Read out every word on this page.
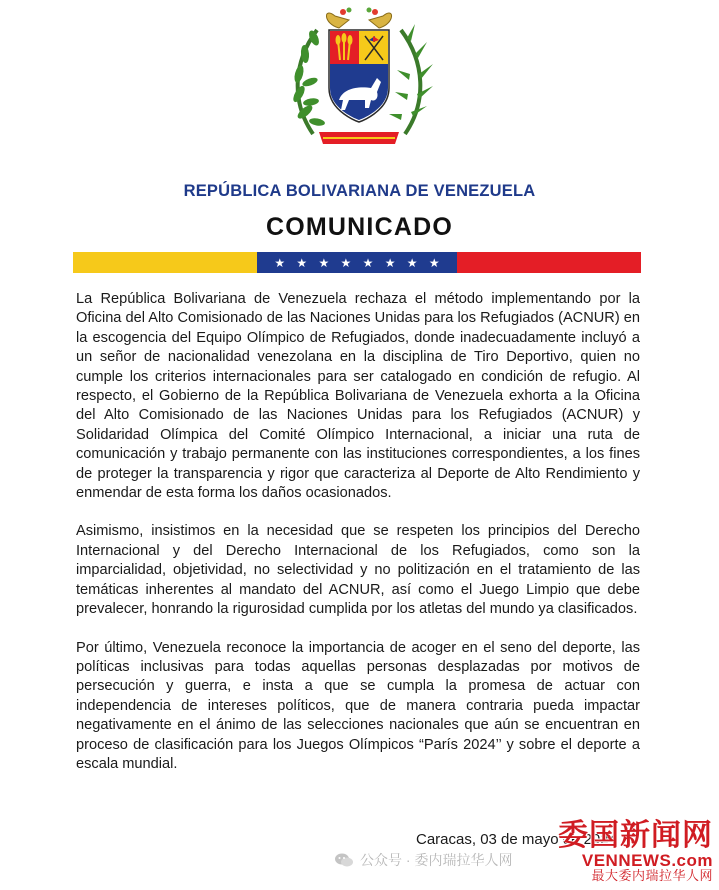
REPÚBLICA BOLIVARIANA DE VENEZUELA
COMUNICADO
★ ★ ★ ★ ★ ★ ★ ★

La República Bolivariana de Venezuela rechaza el método implementando por la Oficina del Alto Comisionado de las Naciones Unidas para los Refugiados (ACNUR) en la escogencia del Equipo Olímpico de Refugiados, donde inadecuadamente incluyó a un señor de nacionalidad venezolana en la disciplina de Tiro Deportivo, quien no cumple los criterios internacionales para ser catalogado en condición de refugio. Al respecto, el Gobierno de la República Bolivariana de Venezuela exhorta a la Oficina del Alto Comisionado de las Naciones Unidas para los Refugiados (ACNUR) y Solidaridad Olímpica del Comité Olímpico Internacional, a iniciar una ruta de comunicación y trabajo permanente con las instituciones correspondientes, a los fines de proteger la transparencia y rigor que caracteriza al Deporte de Alto Rendimiento y enmendar de esta forma los daños ocasionados.

Asimismo, insistimos en la necesidad que se respeten los principios del Derecho Internacional y del Derecho Internacional de los Refugiados, como son la imparcialidad, objetividad, no selectividad y no politización en el tratamiento de las temáticas inherentes al mandato del ACNUR, así como el Juego Limpio que debe prevalecer, honrando la rigurosidad cumplida por los atletas del mundo ya clasificados.

Por último, Venezuela reconoce la importancia de acoger en el seno del deporte, las políticas inclusivas para todas aquellas personas desplazadas por motivos de persecución y guerra, e insta a que se cumpla la promesa de actuar con independencia de intereses políticos, que de manera contraria pueda impactar negativamente en el ánimo de las selecciones nacionales que aún se encuentran en proceso de clasificación para los Juegos Olímpicos “París 2024’’ y sobre el deporte a escala mundial.

Caracas, 03 de mayo de 2024
公众号 · 委内瑞拉华人网
委国新闻网
VENNEWS.com
最大委内瑞拉华人网
